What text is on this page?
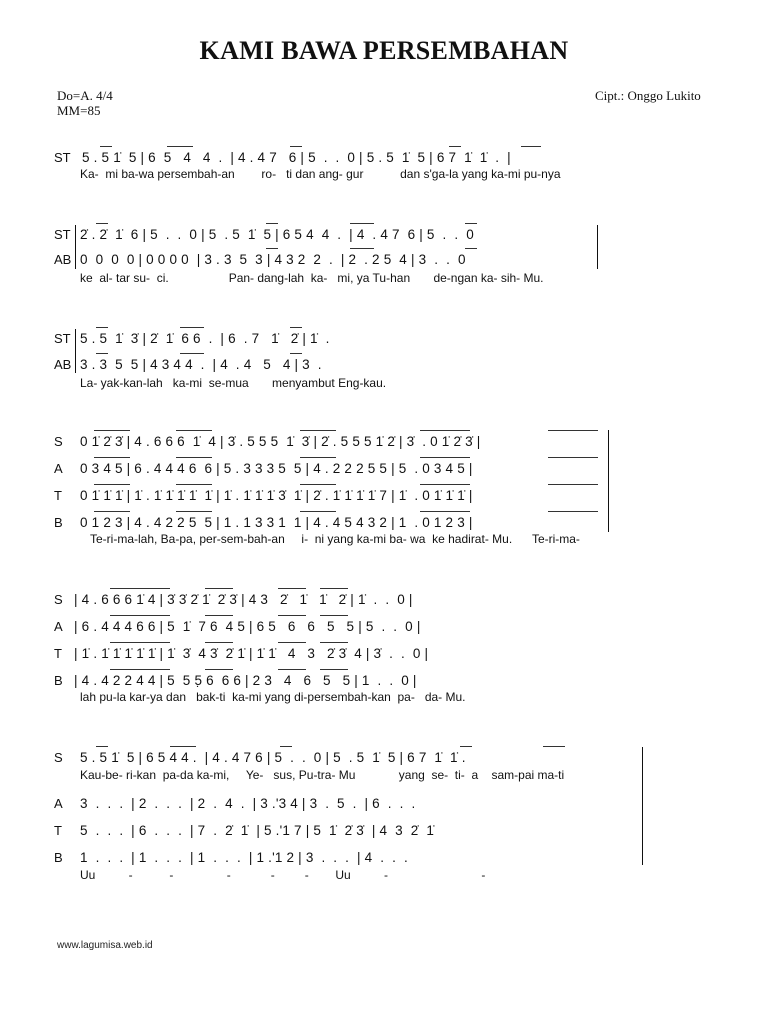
KAMI BAWA PERSEMBAHAN
Do=A. 4/4
MM=85
Cipt.: Onggo Lukito
ST 5 . 5 1̇  5 | 6  5   4   4  .  | 4 . 4 7   6 | 5  .  .  0 | 5 . 5  1̇  5 | 6 7  1̇  1̇  .  |
Ka-  mi ba-wa persembah-an        ro-   ti dan ang- gur           dan s'ga-la yang ka-mi pu-nya
ST 2̇ . 2̇  1̇  6 | 5  .  .  0 | 5  . 5  1̇  5 | 6 5 4  4  .  | 4  . 4 7  6 | 5  .  .  0
AB 0  0  0  0 | 0 0 0 0  | 3 . 3  5  3 | 4 3 2  2  .  | 2  . 2 5  4 | 3  .  .  0
ke  al- tar su-  ci.                  Pan- dang-lah  ka-   mi, ya Tu-han       de-ngan ka- sih- Mu.
ST 5 . 5  1̇  3̇ | 2̇  1̇  6 6  .  | 6  . 7   1̇   2̇ | 1̇  .
AB 3 . 3  5  5 | 4 3 4 4  .  | 4  . 4   5   4 | 3  .
La- yak-kan-lah   ka-mi  se-mua       menyambut Eng-kau.
S 0 1̇ 2̇ 3̇ | 4 . 6 6 6  1̇  4 | 3̇ . 5 5 5  1̇  3̇ | 2̇ . 5 5 5 1̇ 2̇ | 3̇  . 0 1̇ 2̇ 3̇ |
A 0 3 4 5 | 6 . 4 4 4 6  6 | 5 . 3 3 3 5  5 | 4 . 2 2 2 5 5 | 5  . 0 3 4 5 |
T 0 1̇ 1̇ 1̇ | 1̇ . 1̇ 1̇ 1̇ 1̇  1̇ | 1̇ . 1̇ 1̇ 1̇ 3̇  1̇ | 2̇ . 1̇ 1̇ 1̇ 1̇ 7 | 1̇  . 0 1̇ 1̇ 1̇ |
B 0 1 2 3 | 4 . 4 2 2 5  5 | 1 . 1 3 3 1  1 | 4 . 4 5 4 3 2 | 1  . 0 1 2 3 |
Te-ri-ma-lah, Ba-pa, per-sem-bah-an     i-  ni yang ka-mi ba- wa  ke hadirat- Mu.      Te-ri-ma-
S | 4 . 6 6 6 1̇ 4 | 3̇ 3̇ 2̇ 1̇  2̇ 3̇ | 4 3   2̇   1̇   1̇   2̇ | 1̇  .  .  0 |
A | 6 . 4 4 4 6 6 | 5  1̇  7 6  4 5 | 6 5   6   6   5   5 | 5  .  .  0 |
T | 1̇ . 1̇ 1̇ 1̇ 1̇ 1̇ | 1̇  3̇  4 3̇  2̇ 1̇ | 1̇ 1̇   4   3   2̇ 3̇  4 | 3̇  .  .  0 |
B | 4 . 4 2 2 4 4 | 5  5 5̣ 6  6 6 | 2 3   4   6   5   5 | 1  .  .  0 |
lah pu-la kar-ya dan   bak-ti  ka-mi yang di-persembah-kan  pa-   da- Mu.
S 5 . 5 1̇  5 | 6 5 4 4 .  | 4 . 4 7 6 | 5  .  .  0 | 5  . 5  1̇  5 | 6 7  1̇  1̇ .
Kau-be- ri-kan  pa-da ka-mi,     Ye-   sus, Pu-tra- Mu             yang  se-  ti-  a    sam-pai ma-ti
A 3  .  .  .  | 2  .  .  .  | 2  .  4  .  | 3 .'3 4 | 3  .  5  .  | 6  .  .  .
T 5  .  .  .  | 6  .  .  .  | 7  .  2̇  1̇  | 5 .'1 7 | 5  1̇  2̇ 3̇  | 4  3  2̇  1̇
B 1  .  .  .  | 1  .  .  .  | 1  .  .  .  | 1 .'1 2 | 3  .  .  .  | 4  .  .  .
Uu          -           -                -            -         -        Uu          -                            -
www.lagumisa.web.id
